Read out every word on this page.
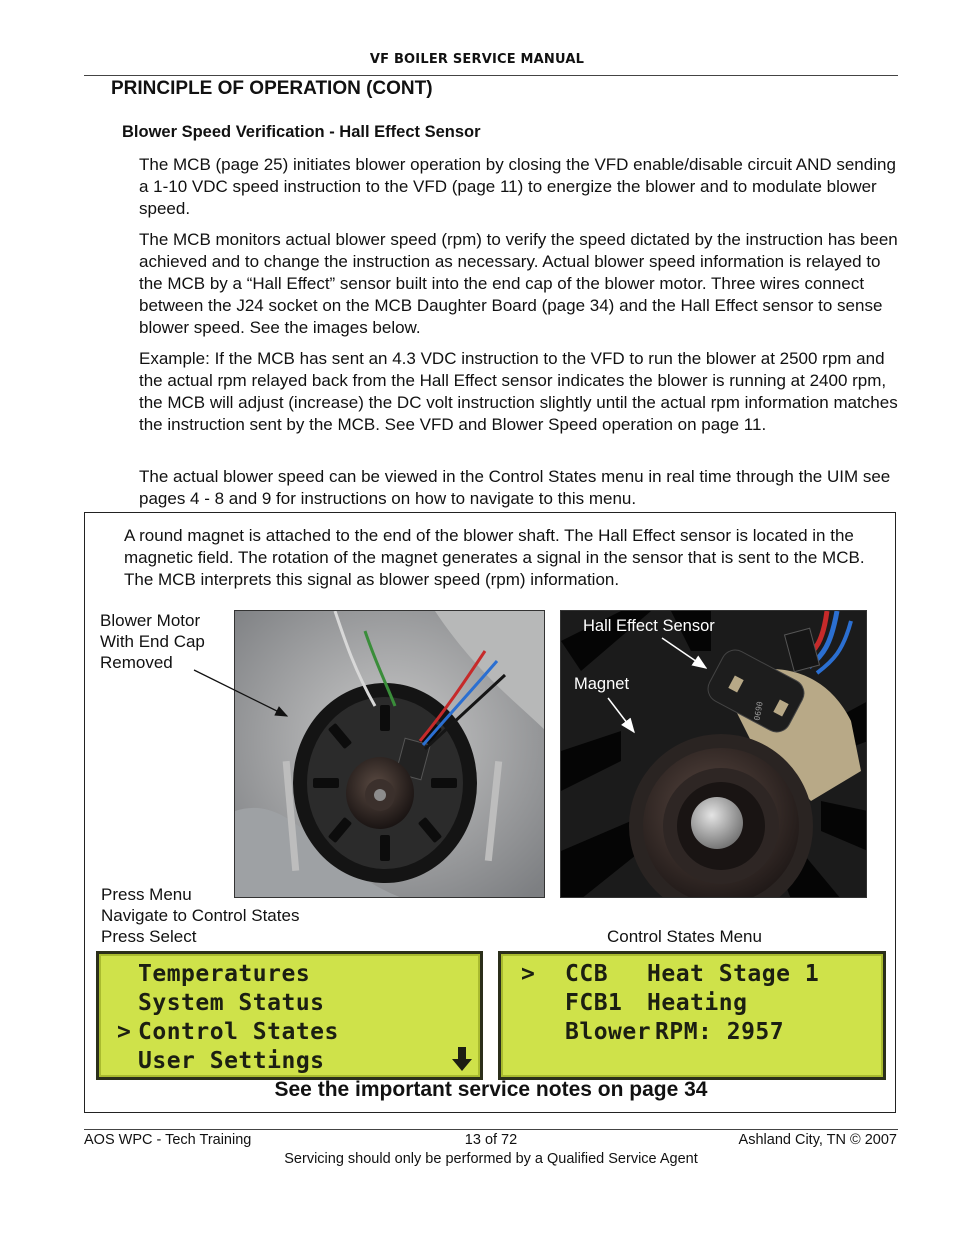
VF BOILER SERVICE MANUAL
PRINCIPLE OF OPERATION (CONT)
Blower Speed Verification - Hall Effect Sensor
The MCB (page 25) initiates blower operation by closing the VFD enable/disable circuit AND sending a 1-10 VDC speed instruction to the VFD (page 11) to energize the blower and to modulate blower speed.
The MCB monitors actual blower speed (rpm) to verify the speed dictated by the instruction has been achieved and to change the instruction as necessary. Actual blower speed information is relayed to the MCB by a “Hall Effect” sensor built into the end cap of the blower motor. Three wires connect between the J24 socket on the MCB Daughter Board (page 34) and the Hall Effect sensor to sense blower speed. See the images below.
Example: If the MCB has sent an 4.3 VDC instruction to the VFD to run the blower at 2500 rpm and the actual rpm relayed back from the Hall Effect sensor indicates the blower is running at 2400 rpm, the MCB will adjust (increase) the DC volt instruction slightly until the actual rpm information matches the instruction sent by the MCB. See VFD and Blower Speed operation on page 11.
The actual blower speed can be viewed in the Control States menu in real time through the UIM see pages 4 - 8 and 9 for instructions on how to navigate to this menu.
A round magnet is attached to the end of the blower shaft. The Hall Effect sensor is located in the magnetic field. The rotation of the magnet generates a signal in the sensor that is sent to the MCB. The MCB interprets this signal as blower speed (rpm) information.
Blower Motor
With End Cap
Removed
0690
Hall Effect Sensor
Magnet
Press Menu
Navigate to Control States
Press Select	Control States Menu
Temperatures
System Status
> Control States
User Settings
> CCB Heat Stage 1
FCB1 Heating
Blower RPM: 2957
See the important service notes on page 34
AOS WPC - Tech Training	13 of 72	Ashland City, TN © 2007
Servicing should only be performed by a Qualified Service Agent
